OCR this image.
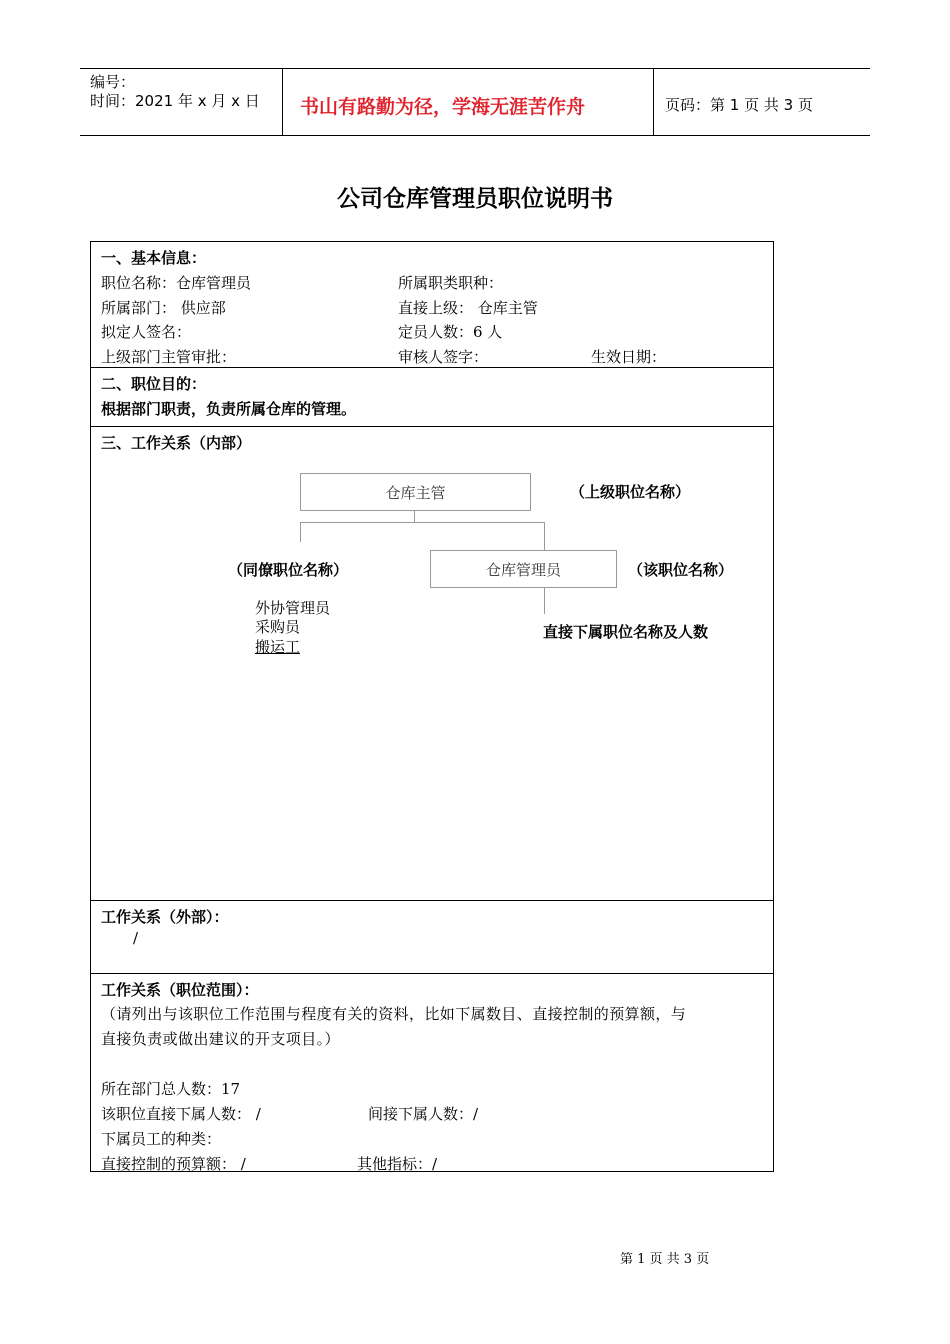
编号：
时间：2021 年 x 月 x 日 书山有路勤为径，学海无涯苦作舟	页码：第 1 页 共 3 页
公司仓库管理员职位说明书
一、基本信息：
职位名称：仓库管理员	所属职类职种：
所属部门： 供应部	直接上级： 仓库主管
拟定人签名：	定员人数：6 人
上级部门主管审批：	审核人签字：	生效日期：
二、职位目的：
根据部门职责，负责所属仓库的管理。
三、工作关系（内部）
仓库主管	（上级职位名称）
（同僚职位名称）	仓库管理员	（该职位名称）
外协管理员
采购员
搬运工
直接下属职位名称及人数
工作关系（外部）：
/
工作关系（职位范围）：
（请列出与该职位工作范围与程度有关的资料，比如下属数目、直接控制的预算额，与
直接负责或做出建议的开支项目。）
所在部门总人数：17
该职位直接下属人数： /	间接下属人数：/
下属员工的种类：
直接控制的预算额： /	其他指标：/
第 1 页 共 3 页
